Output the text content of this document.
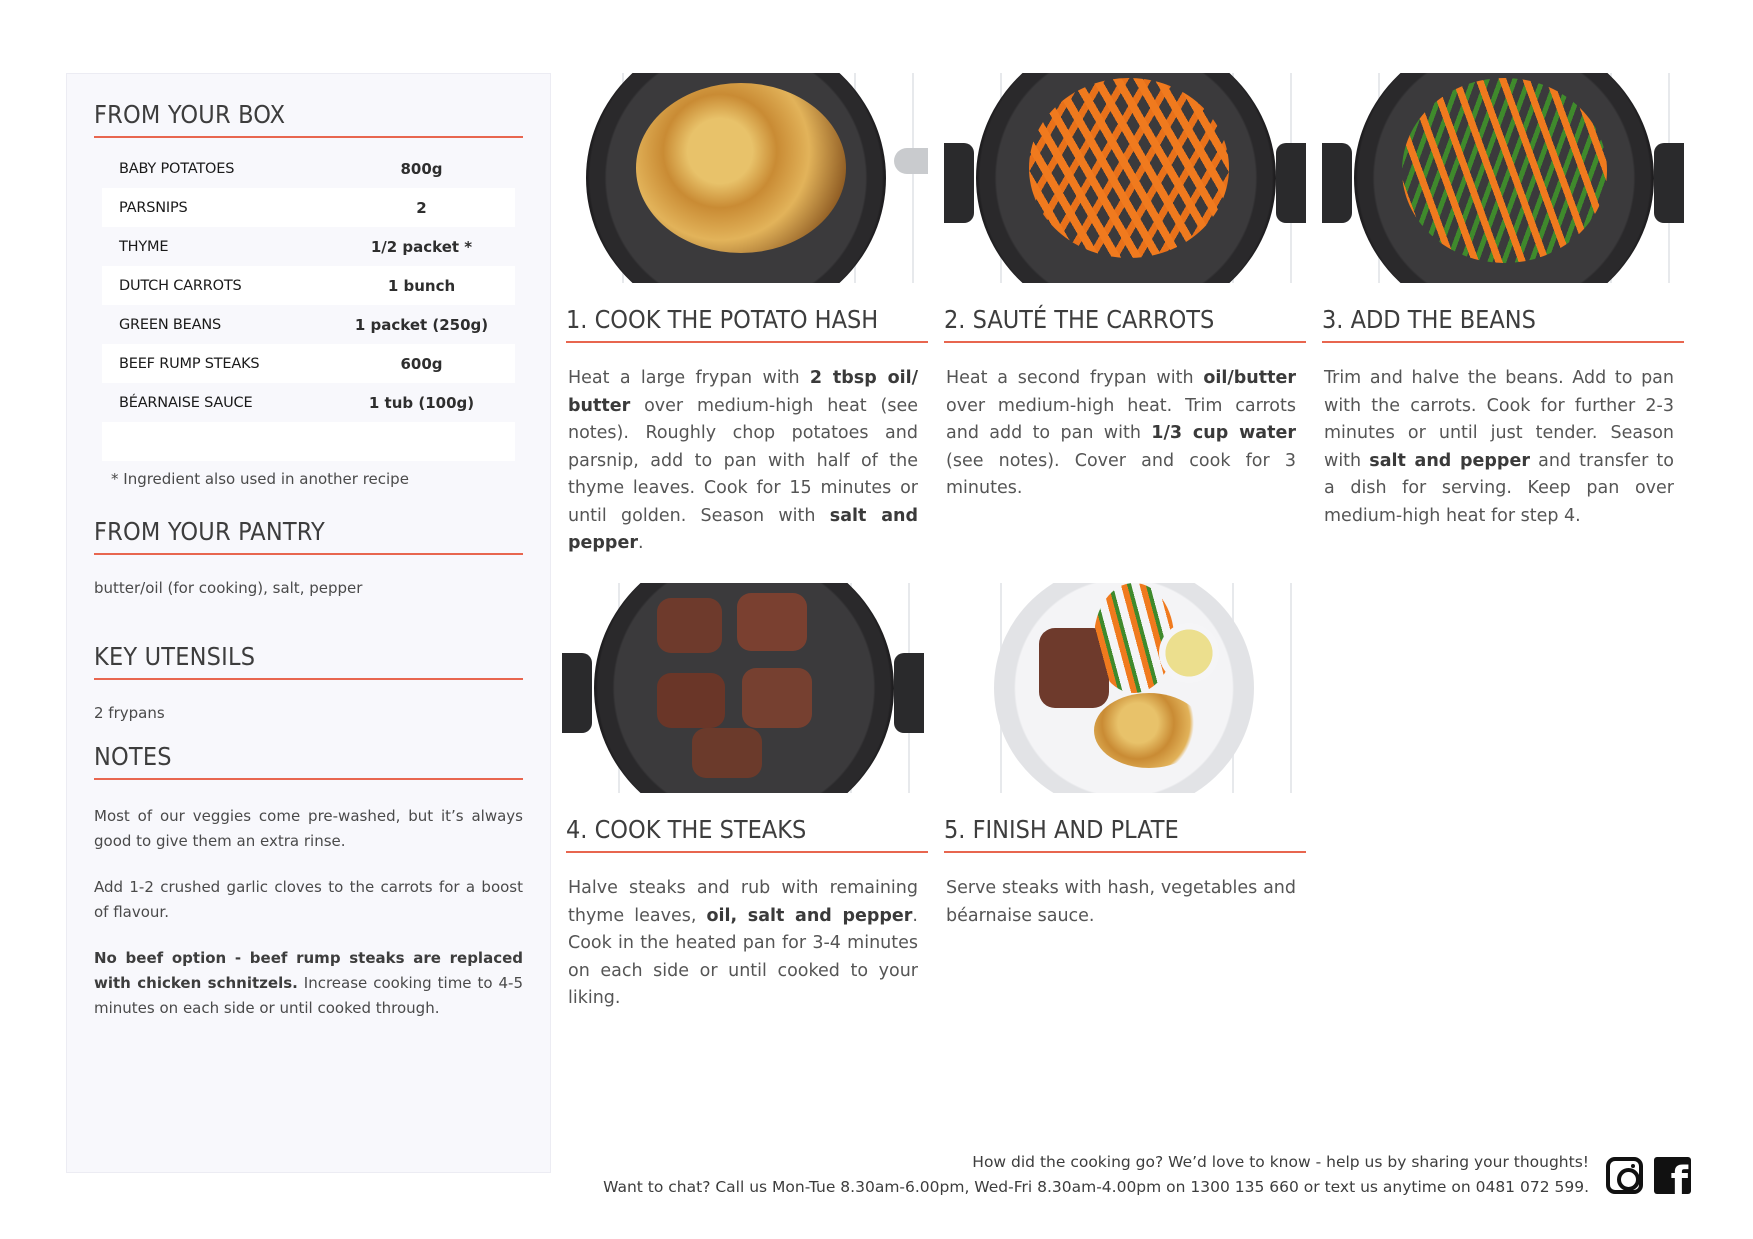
FROM YOUR BOX
BABY POTATOES	800g
PARSNIPS	2
THYME	1/2 packet *
DUTCH CARROTS	1 bunch
GREEN BEANS	1 packet (250g)
BEEF RUMP STEAKS	600g
BÉARNAISE SAUCE	1 tub (100g)
* Ingredient also used in another recipe
FROM YOUR PANTRY
butter/oil (for cooking), salt, pepper
KEY UTENSILS
2 frypans
NOTES

Most of our veggies come pre-washed, but it’s always good to give them an extra rinse.

Add 1-2 crushed garlic cloves to the carrots for a boost of flavour.

No beef option - beef rump steaks are replaced with chicken schnitzels. Increase cooking time to 4-5 minutes on each side or until cooked through.

1. COOK THE POTATO HASH
Heat a large frypan with 2 tbsp oil/ butter over medium-high heat (see notes). Roughly chop potatoes and parsnip, add to pan with half of the thyme leaves. Cook for 15 minutes or until golden. Season with salt and pepper.
2. SAUTÉ THE CARROTS
Heat a second frypan with oil/butter over medium-high heat. Trim carrots and add to pan with 1/3 cup water (see notes). Cover and cook for 3 minutes.
3. ADD THE BEANS
Trim and halve the beans. Add to pan with the carrots. Cook for further 2-3 minutes or until just tender. Season with salt and pepper and transfer to a dish for serving. Keep pan over medium-high heat for step 4.
4. COOK THE STEAKS
Halve steaks and rub with remaining thyme leaves, oil, salt and pepper. Cook in the heated pan for 3-4 minutes on each side or until cooked to your liking.
5. FINISH AND PLATE
Serve steaks with hash, vegetables and béarnaise sauce.
How did the cooking go? We’d love to know - help us by sharing your thoughts!
Want to chat? Call us Mon-Tue 8.30am-6.00pm, Wed-Fri 8.30am-4.00pm on 1300 135 660 or text us anytime on 0481 072 599. f
